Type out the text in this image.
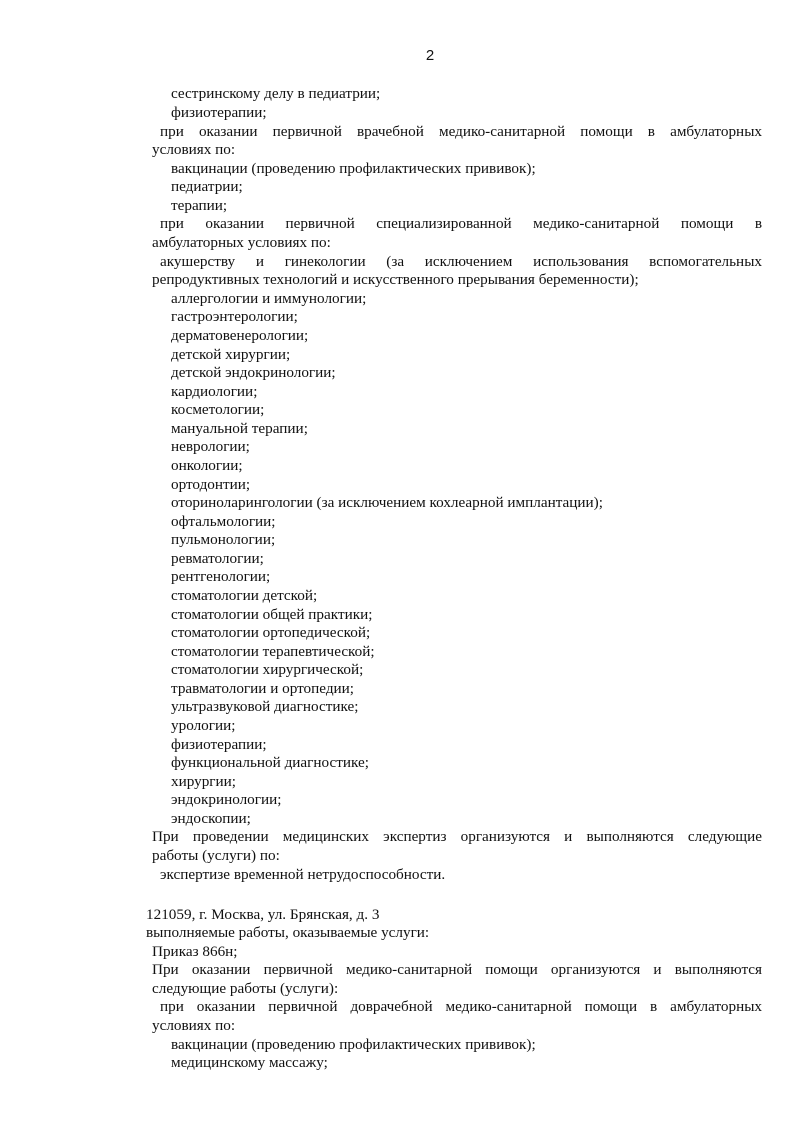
2
сестринскому делу в педиатрии;
физиотерапии;
при оказании первичной врачебной медико-санитарной помощи в амбулаторных
условиях по:
вакцинации (проведению профилактических прививок);
педиатрии;
терапии;
при оказании первичной специализированной медико-санитарной помощи в
амбулаторных условиях по:
акушерству и гинекологии (за исключением использования вспомогательных
репродуктивных технологий и искусственного прерывания беременности);
аллергологии и иммунологии;
гастроэнтерологии;
дерматовенерологии;
детской хирургии;
детской эндокринологии;
кардиологии;
косметологии;
мануальной терапии;
неврологии;
онкологии;
ортодонтии;
оториноларингологии (за исключением кохлеарной имплантации);
офтальмологии;
пульмонологии;
ревматологии;
рентгенологии;
стоматологии детской;
стоматологии общей практики;
стоматологии ортопедической;
стоматологии терапевтической;
стоматологии хирургической;
травматологии и ортопедии;
ультразвуковой диагностике;
урологии;
физиотерапии;
функциональной диагностике;
хирургии;
эндокринологии;
эндоскопии;
При проведении медицинских экспертиз организуются и выполняются следующие
работы (услуги) по:
экспертизе временной нетрудоспособности.
121059, г. Москва, ул. Брянская, д. 3
выполняемые работы, оказываемые услуги:
Приказ 866н;
При оказании первичной медико-санитарной помощи организуются и выполняются
следующие работы (услуги):
при оказании первичной доврачебной медико-санитарной помощи в амбулаторных
условиях по:
вакцинации (проведению профилактических прививок);
медицинскому массажу;
